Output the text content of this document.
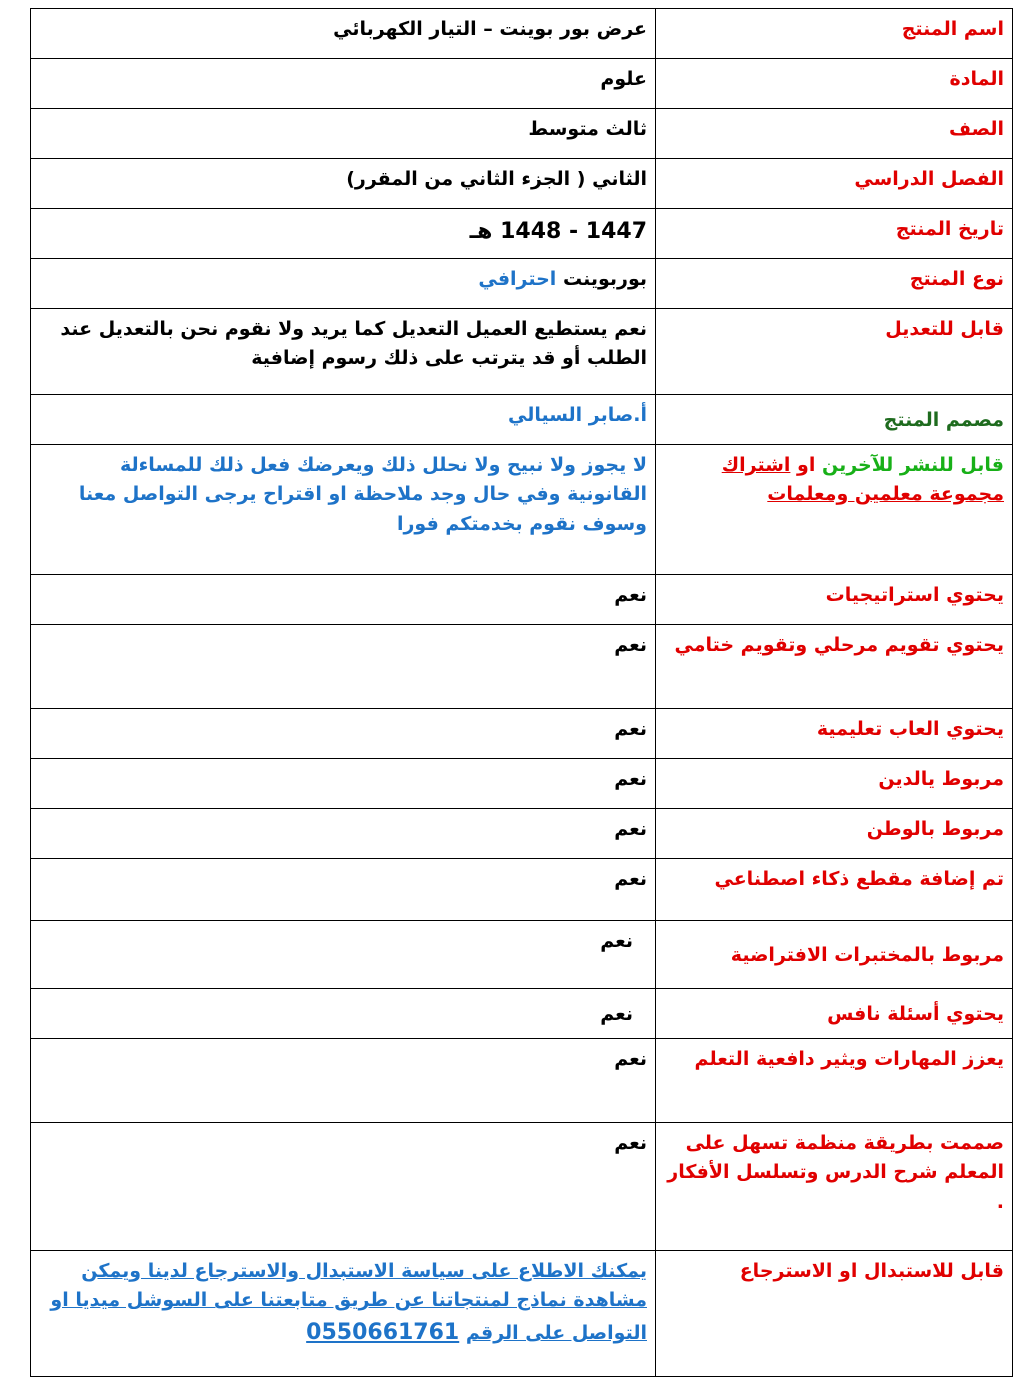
اسم المنتج	عرض بور بوينت – التيار الكهربائي
المادة	علوم
الصف	ثالث متوسط
الفصل الدراسي	الثاني ( الجزء الثاني من المقرر)
تاريخ المنتج	1447 - 1448 هـ
نوع المنتج	بوربوينت احترافي
قابل للتعديل	نعم يستطيع العميل التعديل كما يريد ولا نقوم نحن بالتعديل عند الطلب أو قد يترتب على ذلك رسوم إضافية
مصمم المنتج	أ.صابر السيالي
قابل للنشر للآخرين او اشتراك مجموعة معلمين ومعلمات	لا يجوز ولا نبيح ولا نحلل ذلك ويعرضك فعل ذلك للمساءلة القانونية وفي حال وجد ملاحظة او اقتراح يرجى التواصل معنا وسوف نقوم بخدمتكم فورا
يحتوي استراتيجيات	نعم
يحتوي تقويم مرحلي وتقويم ختامي	نعم
يحتوي العاب تعليمية	نعم
مربوط يالدين	نعم
مربوط بالوطن	نعم
تم إضافة مقطع ذكاء اصطناعي	نعم
مربوط بالمختبرات الافتراضية	نعم
يحتوي أسئلة نافس	نعم
يعزز المهارات ويثير دافعية التعلم	نعم
صممت بطريقة منظمة تسهل على المعلم شرح الدرس وتسلسل الأفكار .	نعم
قابل للاستبدال او الاسترجاع	يمكنك الاطلاع على سياسة الاستبدال والاسترجاع لدينا ويمكن مشاهدة نماذج لمنتجاتنا عن طريق متابعتنا على السوشل ميديا او التواصل على الرقم 0550661761
